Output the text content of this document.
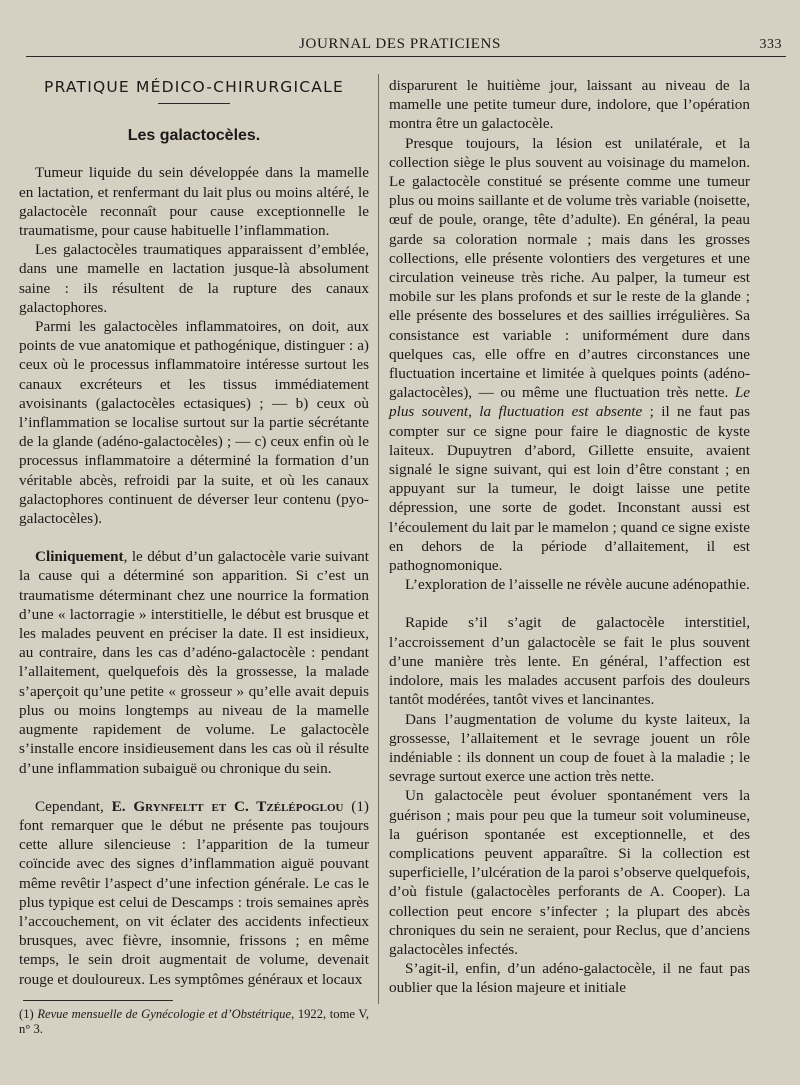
JOURNAL DES PRATICIENS	333
PRATIQUE MÉDICO-CHIRURGICALE
Les galactocèles.

Tumeur liquide du sein développée dans la mamelle en lactation, et renfermant du lait plus ou moins altéré, le galactocèle reconnaît pour cause exceptionnelle le traumatisme, pour cause habituelle l’inflammation.

Les galactocèles traumatiques apparaissent d’emblée, dans une mamelle en lactation jusque-là absolument saine : ils résultent de la rupture des canaux galactophores.

Parmi les galactocèles inflammatoires, on doit, aux points de vue anatomique et pathogénique, distinguer : a) ceux où le processus inflammatoire intéresse surtout les canaux excréteurs et les tissus immédiatement avoisinants (galactocèles ectasiques) ; — b) ceux où l’inflammation se localise surtout sur la partie sécrétante de la glande (adéno-galactocèles) ; — c) ceux enfin où le processus inflammatoire a déterminé la formation d’un véritable abcès, refroidi par la suite, et où les canaux galactophores continuent de déverser leur contenu (pyo-galactocèles).

Cliniquement, le début d’un galactocèle varie suivant la cause qui a déterminé son apparition. Si c’est un traumatisme déterminant chez une nourrice la formation d’une « lactorragie » interstitielle, le début est brusque et les malades peuvent en préciser la date. Il est insidieux, au contraire, dans les cas d’adéno-galactocèle : pendant l’allaitement, quelquefois dès la grossesse, la malade s’aperçoit qu’une petite « grosseur » qu’elle avait depuis plus ou moins longtemps au niveau de la mamelle augmente rapidement de volume. Le galactocèle s’installe encore insidieusement dans les cas où il résulte d’une inflammation subaiguë ou chronique du sein.

Cependant, E. Grynfeltt et C. Tzélépoglou (1) font remarquer que le début ne présente pas toujours cette allure silencieuse : l’apparition de la tumeur coïncide avec des signes d’inflammation aiguë pouvant même revêtir l’aspect d’une infection générale. Le cas le plus typique est celui de Descamps : trois semaines après l’accouchement, on vit éclater des accidents infectieux brusques, avec fièvre, insomnie, frissons ; en même temps, le sein droit augmentait de volume, devenait rouge et douloureux. Les symptômes généraux et locaux

(1) Revue mensuelle de Gynécologie et d’Obstétrique, 1922, tome V, n° 3.

disparurent le huitième jour, laissant au niveau de la mamelle une petite tumeur dure, indolore, que l’opération montra être un galactocèle.

Presque toujours, la lésion est unilatérale, et la collection siège le plus souvent au voisinage du mamelon. Le galactocèle constitué se présente comme une tumeur plus ou moins saillante et de volume très variable (noisette, œuf de poule, orange, tête d’adulte). En général, la peau garde sa coloration normale ; mais dans les grosses collections, elle présente volontiers des vergetures et une circulation veineuse très riche. Au palper, la tumeur est mobile sur les plans profonds et sur le reste de la glande ; elle présente des bosselures et des saillies irrégulières. Sa consistance est variable : uniformément dure dans quelques cas, elle offre en d’autres circonstances une fluctuation incertaine et limitée à quelques points (adéno-galactocèles), — ou même une fluctuation très nette. Le plus souvent, la fluctuation est absente ; il ne faut pas compter sur ce signe pour faire le diagnostic de kyste laiteux. Dupuytren d’abord, Gillette ensuite, avaient signalé le signe suivant, qui est loin d’être constant ; en appuyant sur la tumeur, le doigt laisse une petite dépression, une sorte de godet. Inconstant aussi est l’écoulement du lait par le mamelon ; quand ce signe existe en dehors de la période d’allaitement, il est pathognomonique.

L’exploration de l’aisselle ne révèle aucune adénopathie.

Rapide s’il s’agit de galactocèle interstitiel, l’accroissement d’un galactocèle se fait le plus souvent d’une manière très lente. En général, l’affection est indolore, mais les malades accusent parfois des douleurs tantôt modérées, tantôt vives et lancinantes.

Dans l’augmentation de volume du kyste laiteux, la grossesse, l’allaitement et le sevrage jouent un rôle indéniable : ils donnent un coup de fouet à la maladie ; le sevrage surtout exerce une action très nette.

Un galactocèle peut évoluer spontanément vers la guérison ; mais pour peu que la tumeur soit volumineuse, la guérison spontanée est exceptionnelle, et des complications peuvent apparaître. Si la collection est superficielle, l’ulcération de la paroi s’observe quelquefois, d’où fistule (galactocèles perforants de A. Cooper). La collection peut encore s’infecter ; la plupart des abcès chroniques du sein ne seraient, pour Reclus, que d’anciens galactocèles infectés.

S’agit-il, enfin, d’un adéno-galactocèle, il ne faut pas oublier que la lésion majeure et initiale
